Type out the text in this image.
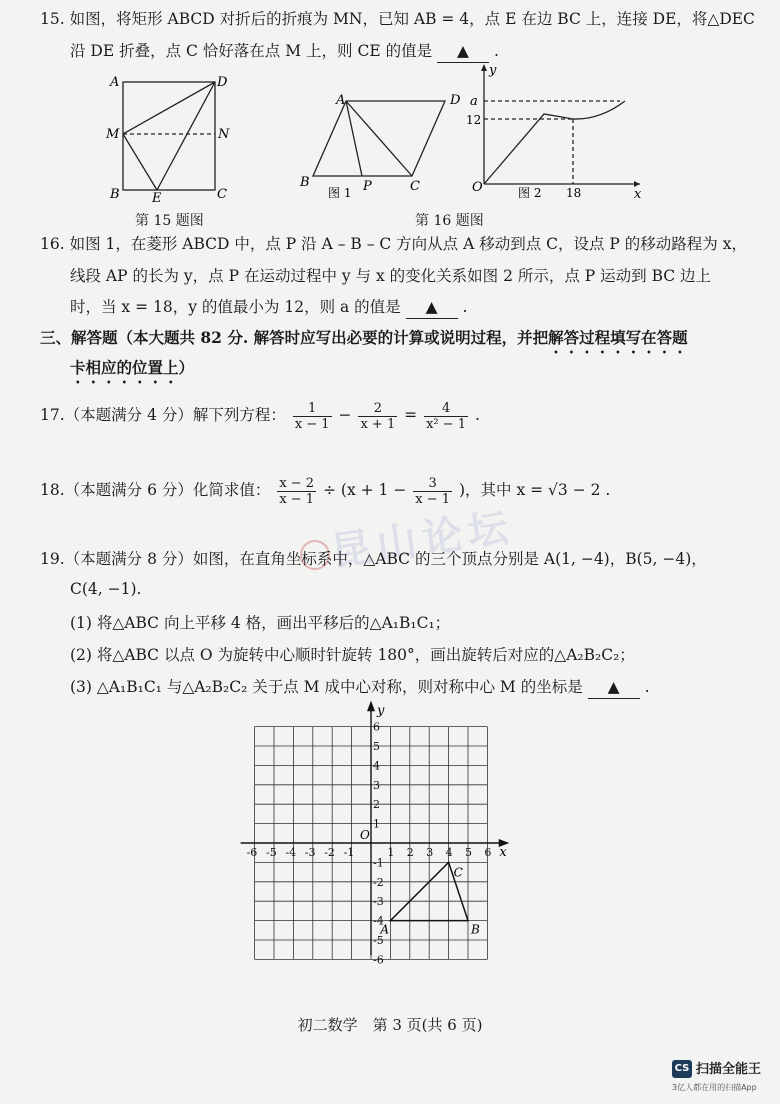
15. 如图，将矩形 ABCD 对折后的折痕为 MN，已知 AB = 4，点 E 在边 BC 上，连接 DE，将△DEC
沿 DE 折叠，点 C 恰好落在点 M 上，则 CE 的值是 ▲ .
A	D
M	N
B E	C
第 15 题图
A	D
B	P	C
图 1
y
a
12
O	18	x
图 2
第 16 题图
16. 如图 1，在菱形 ABCD 中，点 P 沿 A – B – C 方向从点 A 移动到点 C，设点 P 的移动路程为 x，
线段 AP 的长为 y，点 P 在运动过程中 y 与 x 的变化关系如图 2 所示，点 P 运动到 BC 边上
时，当 x = 18，y 的值最小为 12，则 a 的值是 ▲ .
三、解答题（本大题共 82 分. 解答时应写出必要的计算或说明过程，并把解答过程填写在答题
卡相应的位置上）
17.（本题满分 4 分）解下列方程： $\frac{1}{x - 1} - \frac{2}{x + 1} = \frac{4}{\text{x² − 1}}$ .
18.（本题满分 6 分）化简求值： $\frac{x - 2}{x - 1} \div (x + 1 - \frac{3}{x - 1}$ )，其中 x = √3 − 2 .
昆山论坛
19.（本题满分 8 分）如图，在直角坐标系中，△ABC 的三个顶点分别是 A(1, −4)，B(5, −4)，
C(4, −1).
(1) 将△ABC 向上平移 4 格，画出平移后的△A₁B₁C₁；
(2) 将△ABC 以点 O 为旋转中心顺时针旋转 180°，画出旋转后对应的△A₂B₂C₂；
(3) △A₁B₁C₁ 与△A₂B₂C₂ 关于点 M 成中心对称，则对称中心 M 的坐标是 ▲ .
-6 -5 -4 -3 -2 -1	1 2 3 4 5 6
6
5
4
3
2
1
-1
-2
-3
-4
-5
-6
x
y
O
A	B
C
初二数学　第 3 页(共 6 页)
CS 扫描全能王
3亿人都在用的扫描App
